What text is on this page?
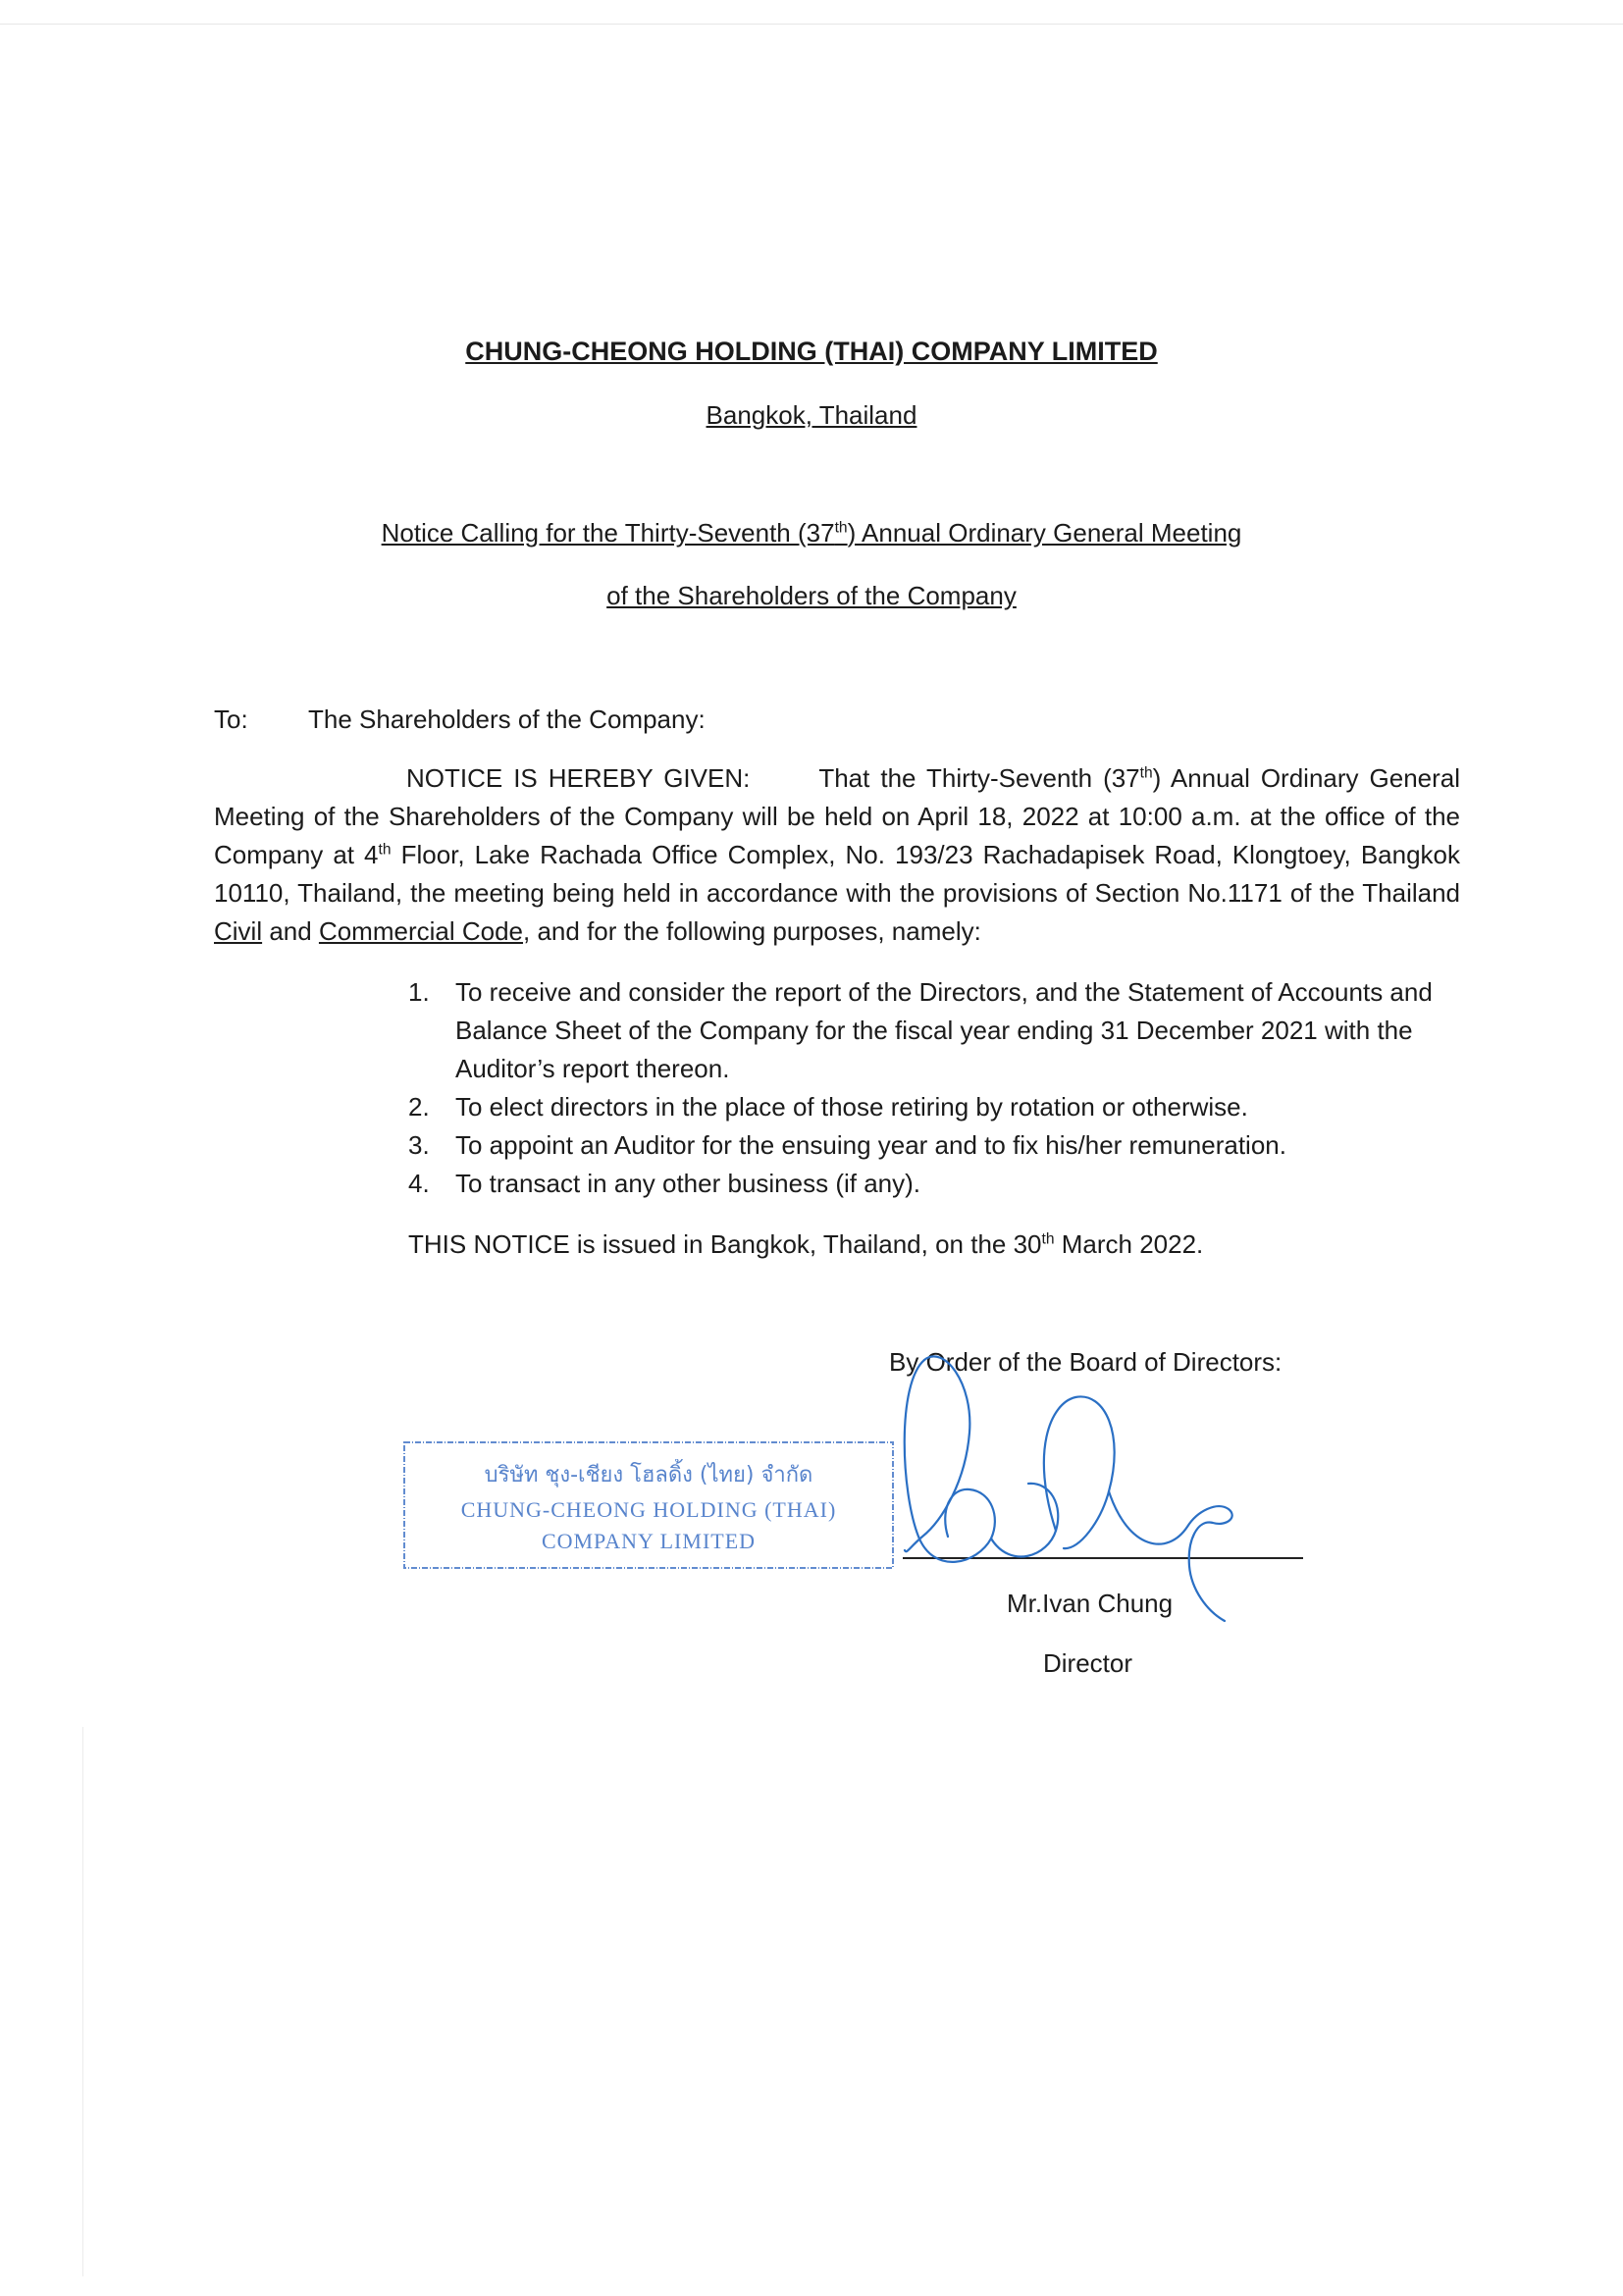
CHUNG-CHEONG HOLDING (THAI) COMPANY LIMITED
Bangkok, Thailand
Notice Calling for the Thirty-Seventh (37th) Annual Ordinary General Meeting
of the Shareholders of the Company
To: The Shareholders of the Company:
NOTICE IS HEREBY GIVEN:	That the Thirty-Seventh (37th) Annual Ordinary General Meeting of the Shareholders of the Company will be held on April 18, 2022 at 10:00 a.m. at the office of the Company at 4th Floor, Lake Rachada Office Complex, No. 193/23 Rachadapisek Road, Klongtoey, Bangkok 10110, Thailand, the meeting being held in accordance with the provisions of Section No.1171 of the Thailand Civil and Commercial Code, and for the following purposes, namely:
1. To receive and consider the report of the Directors, and the Statement of Accounts and Balance Sheet of the Company for the fiscal year ending 31 December 2021 with the Auditor’s report thereon.
2. To elect directors in the place of those retiring by rotation or otherwise.
3. To appoint an Auditor for the ensuing year and to fix his/her remuneration.
4. To transact in any other business (if any).
THIS NOTICE is issued in Bangkok, Thailand, on the 30th March 2022.
By Order of the Board of Directors:
บริษัท ชุง-เชียง โฮลดิ้ง (ไทย) จำกัด
CHUNG-CHEONG HOLDING (THAI)
COMPANY LIMITED
Mr.Ivan Chung
Director
